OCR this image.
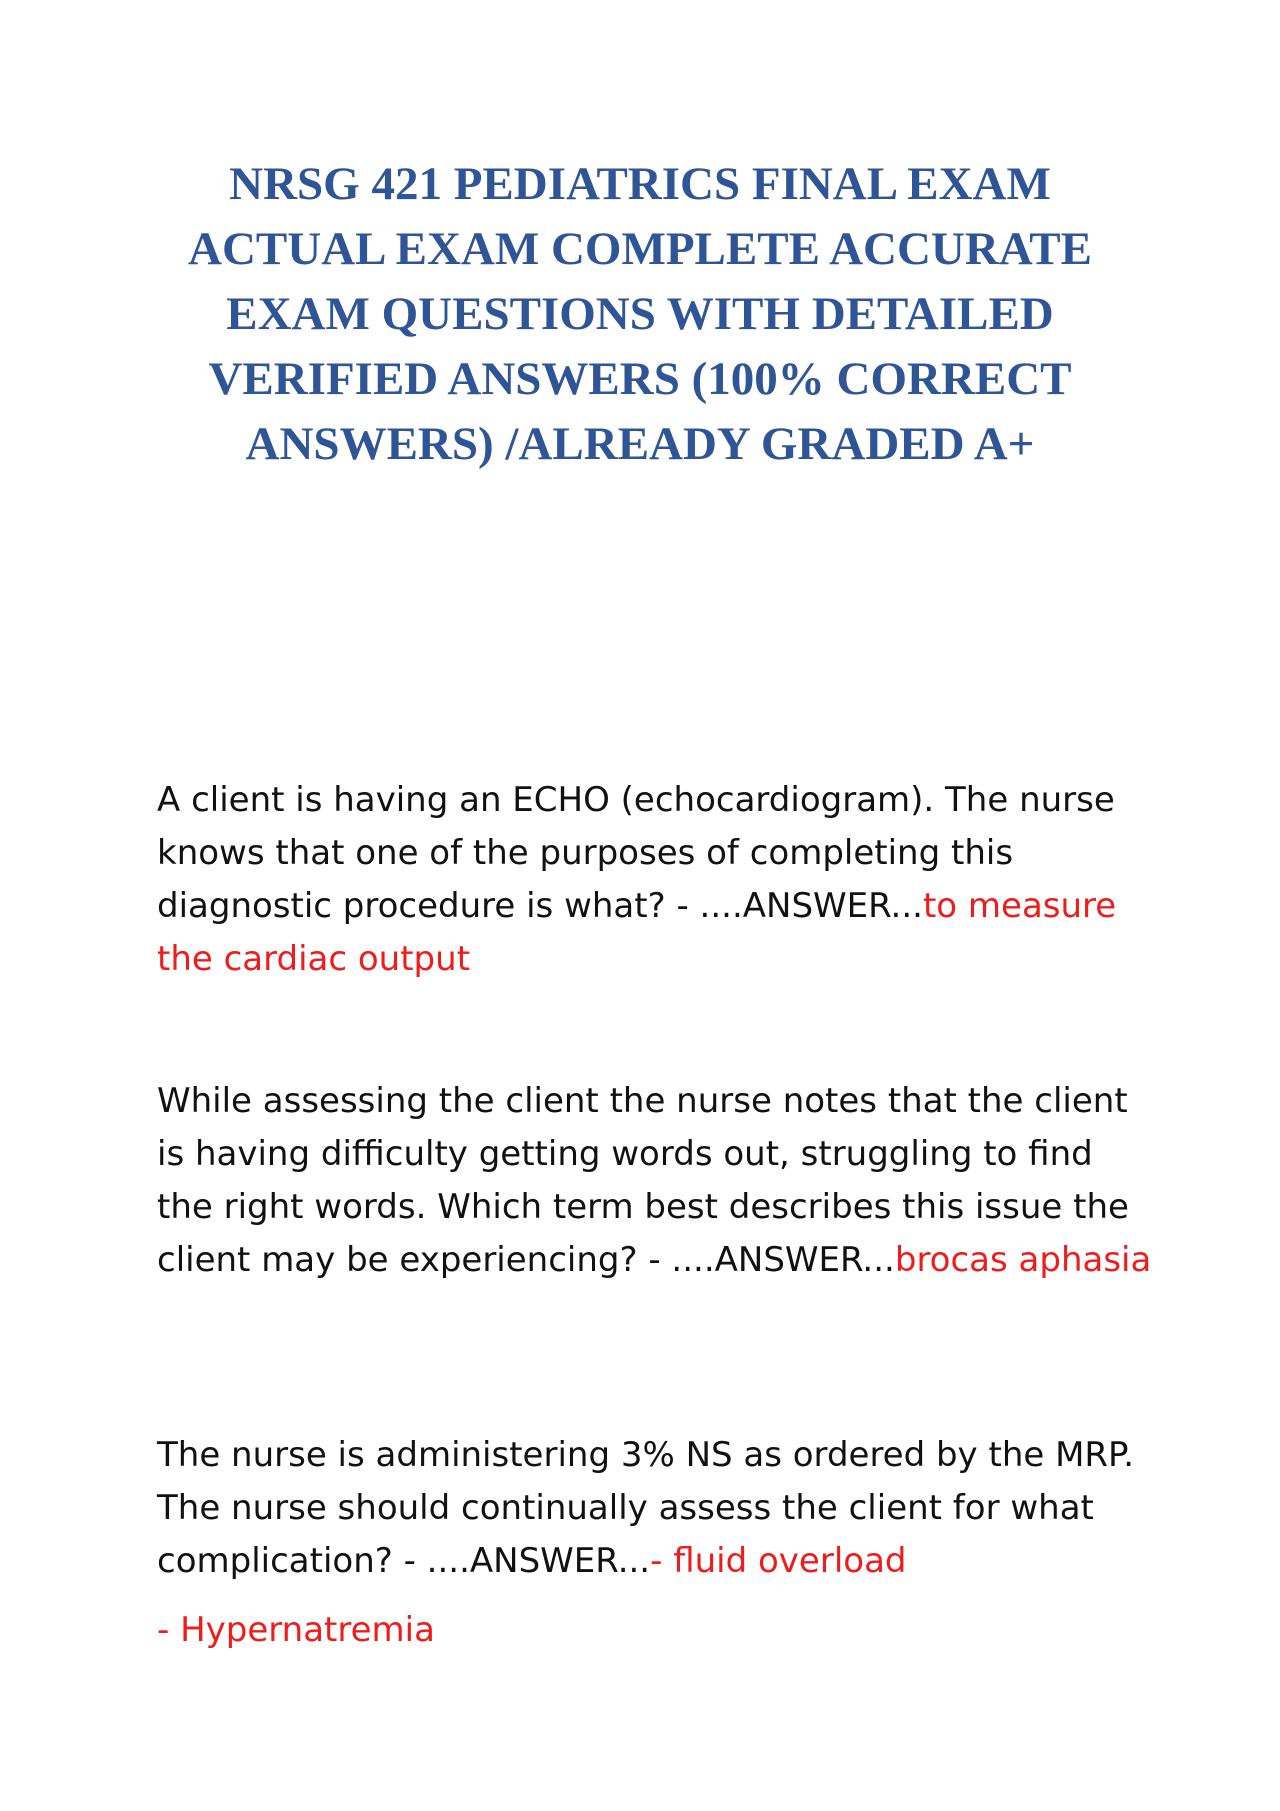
NRSG 421 PEDIATRICS FINAL EXAM ACTUAL EXAM COMPLETE ACCURATE EXAM QUESTIONS WITH DETAILED VERIFIED ANSWERS (100% CORRECT ANSWERS) /ALREADY GRADED A+

A client is having an ECHO (echocardiogram). The nurse knows that one of the purposes of completing this diagnostic procedure is what? - ....ANSWER...to measure the cardiac output

While assessing the client the nurse notes that the client is having difficulty getting words out, struggling to find the right words. Which term best describes this issue the client may be experiencing? - ....ANSWER...brocas aphasia

The nurse is administering 3% NS as ordered by the MRP. The nurse should continually assess the client for what complication? - ....ANSWER...- fluid overload

- Hypernatremia
